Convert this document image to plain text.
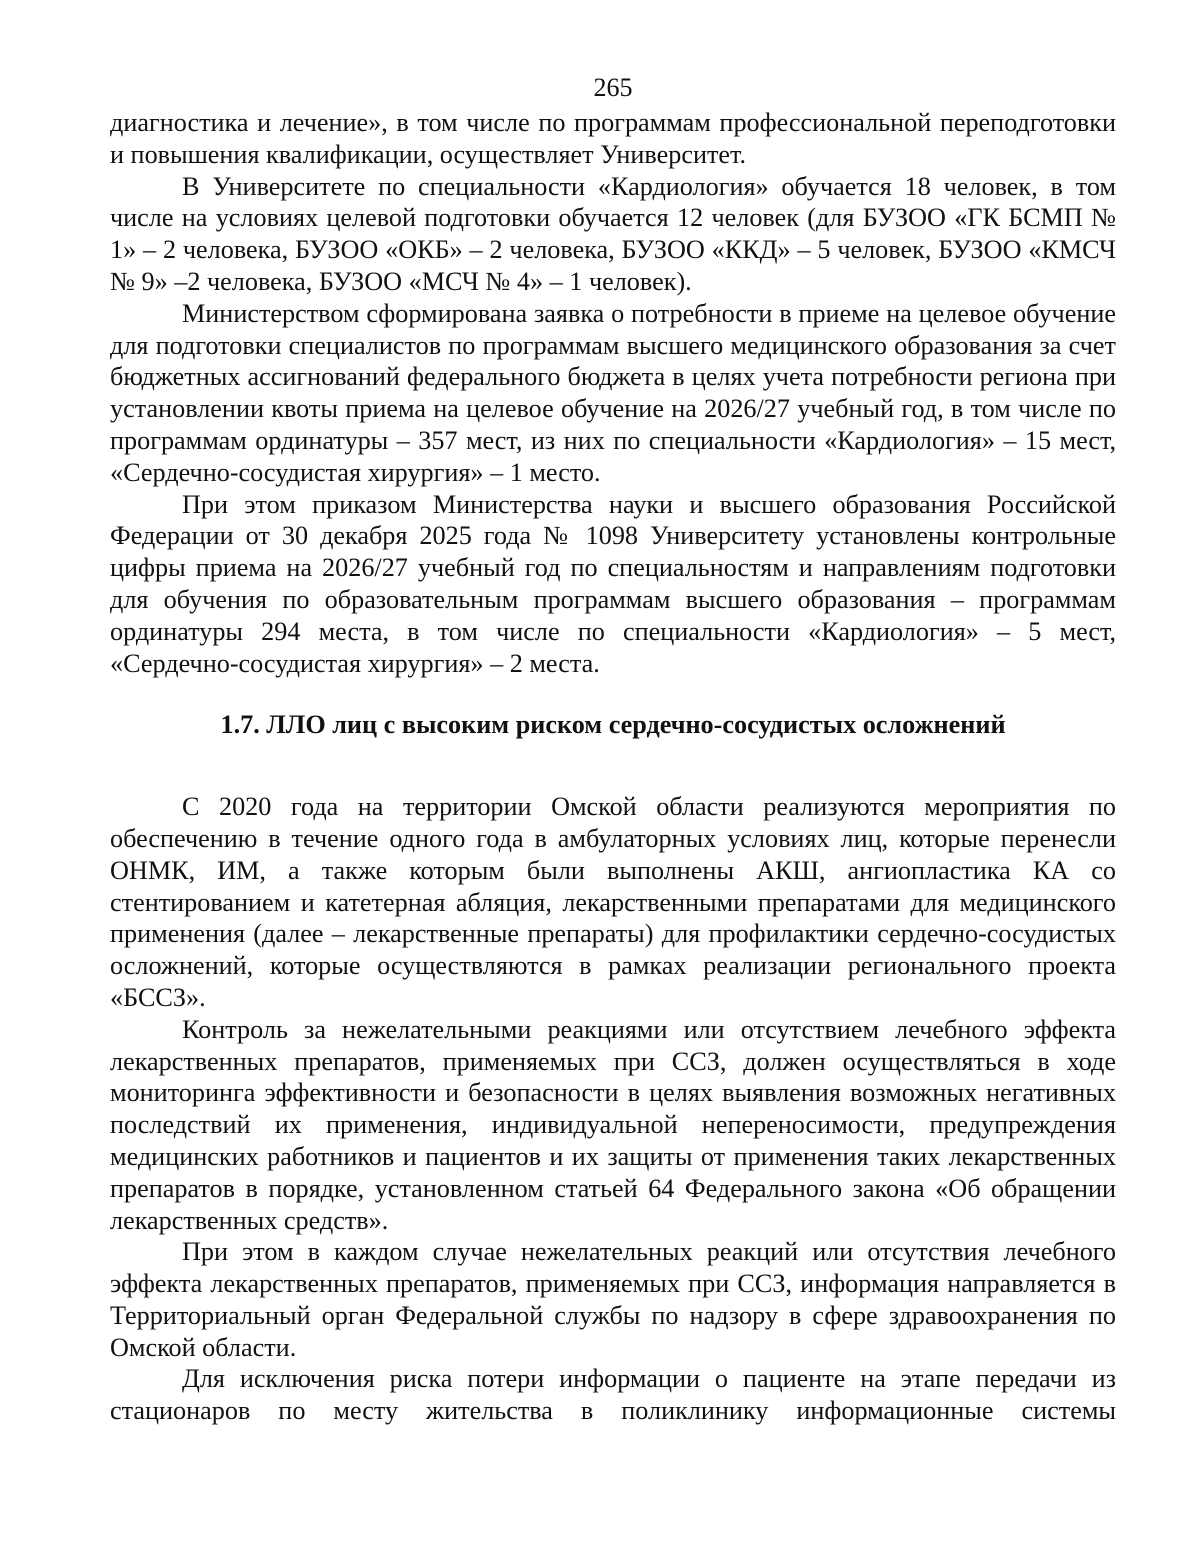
265

диагностика и лечение», в том числе по программам профессиональной переподготовки и повышения квалификации, осуществляет Университет.

В Университете по специальности «Кардиология» обучается 18 человек, в том числе на условиях целевой подготовки обучается 12 человек (для БУЗОО «ГК БСМП № 1» – 2 человека, БУЗОО «ОКБ» – 2 человека, БУЗОО «ККД» – 5 человек, БУЗОО «КМСЧ № 9» –2 человека, БУЗОО «МСЧ № 4» – 1 человек).

Министерством сформирована заявка о потребности в приеме на целевое обучение для подготовки специалистов по программам высшего медицинского образования за счет бюджетных ассигнований федерального бюджета в целях учета потребности региона при установлении квоты приема на целевое обучение на 2026/27 учебный год, в том числе по программам ординатуры – 357 мест, из них по специальности «Кардиология» – 15 мест, «Сердечно-сосудистая хирургия» – 1 место.

При этом приказом Министерства науки и высшего образования Российской Федерации от 30 декабря 2025 года № 1098 Университету установлены контрольные цифры приема на 2026/27 учебный год по специальностям и направлениям подготовки для обучения по образовательным программам высшего образования – программам ординатуры 294 места, в том числе по специальности «Кардиология» – 5 мест, «Сердечно-сосудистая хирургия» – 2 места.

1.7. ЛЛО лиц с высоким риском сердечно-сосудистых осложнений

С 2020 года на территории Омской области реализуются мероприятия по обеспечению в течение одного года в амбулаторных условиях лиц, которые перенесли ОНМК, ИМ, а также которым были выполнены АКШ, ангиопластика КА со стентированием и катетерная абляция, лекарственными препаратами для медицинского применения (далее – лекарственные препараты) для профилактики сердечно-сосудистых осложнений, которые осуществляются в рамках реализации регионального проекта «БССЗ».

Контроль за нежелательными реакциями или отсутствием лечебного эффекта лекарственных препаратов, применяемых при ССЗ, должен осуществляться в ходе мониторинга эффективности и безопасности в целях выявления возможных негативных последствий их применения, индивидуальной непереносимости, предупреждения медицинских работников и пациентов и их защиты от применения таких лекарственных препаратов в порядке, установленном статьей 64 Федерального закона «Об обращении лекарственных средств».

При этом в каждом случае нежелательных реакций или отсутствия лечебного эффекта лекарственных препаратов, применяемых при ССЗ, информация направляется в Территориальный орган Федеральной службы по надзору в сфере здравоохранения по Омской области.

Для исключения риска потери информации о пациенте на этапе передачи из стационаров по месту жительства в поликлинику информационные системы
